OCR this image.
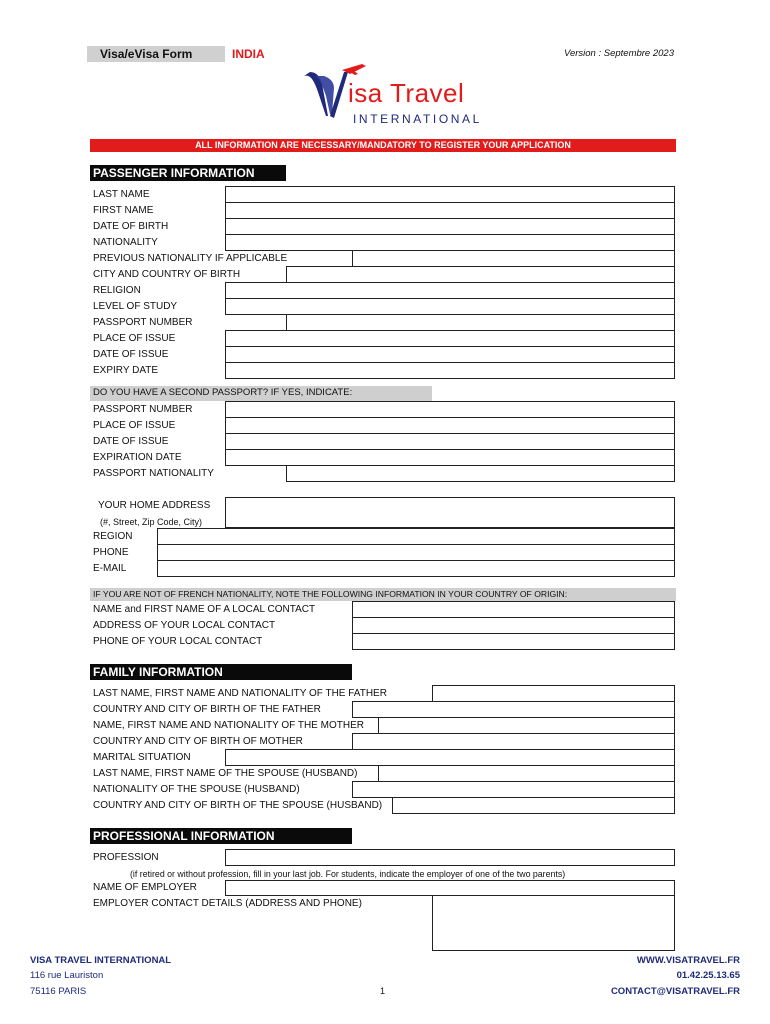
Visa/eVisa Form	INDIA	Version : Septembre 2023
isa Travel
INTERNATIONAL
ALL INFORMATION ARE NECESSARY/MANDATORY TO REGISTER YOUR APPLICATION
PASSENGER INFORMATION
LAST NAME
FIRST NAME
DATE OF BIRTH
NATIONALITY
PREVIOUS NATIONALITY IF APPLICABLE
CITY AND COUNTRY OF BIRTH
RELIGION
LEVEL OF STUDY
PASSPORT NUMBER
PLACE OF ISSUE
DATE OF ISSUE
EXPIRY DATE
DO YOU HAVE A SECOND PASSPORT? IF YES, INDICATE:
PASSPORT NUMBER
PLACE OF ISSUE
DATE OF ISSUE
EXPIRATION DATE
PASSPORT NATIONALITY
YOUR HOME ADDRESS
(#, Street, Zip Code, City)
REGION
PHONE
E-MAIL
IF YOU ARE NOT OF FRENCH NATIONALITY, NOTE THE FOLLOWING INFORMATION IN YOUR COUNTRY OF ORIGIN:
NAME and FIRST NAME OF A LOCAL CONTACT
ADDRESS OF YOUR LOCAL CONTACT
PHONE OF YOUR LOCAL CONTACT
FAMILY INFORMATION
LAST NAME, FIRST NAME AND NATIONALITY OF THE FATHER
COUNTRY AND CITY OF BIRTH OF THE FATHER
NAME, FIRST NAME AND NATIONALITY OF THE MOTHER
COUNTRY AND CITY OF BIRTH OF MOTHER
MARITAL SITUATION
LAST NAME, FIRST NAME OF THE SPOUSE (HUSBAND)
NATIONALITY OF THE SPOUSE (HUSBAND)
COUNTRY AND CITY OF BIRTH OF THE SPOUSE (HUSBAND)
PROFESSIONAL INFORMATION
PROFESSION
(if retired or without profession, fill in your last job. For students, indicate the employer of one of the two parents)
NAME OF EMPLOYER
EMPLOYER CONTACT DETAILS (ADDRESS AND PHONE)
VISA TRAVEL INTERNATIONAL
116 rue Lauriston
75116 PARIS	1
WWW.VISATRAVEL.FR
01.42.25.13.65
CONTACT@VISATRAVEL.FR
